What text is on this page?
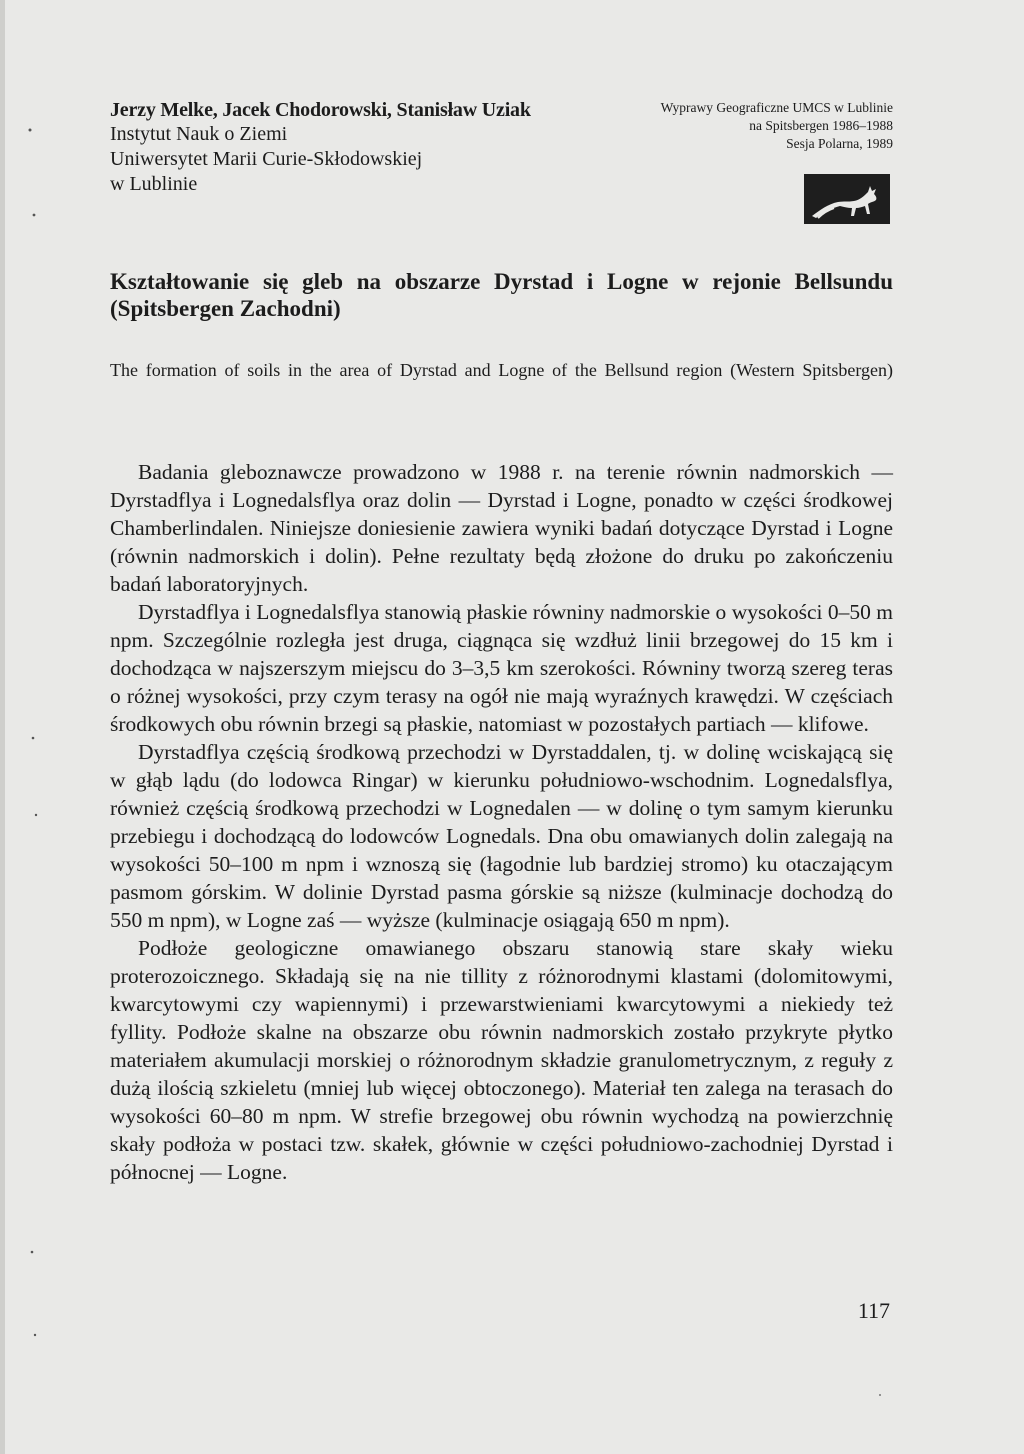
Jerzy Melke, Jacek Chodorowski, Stanisław Uziak
Instytut Nauk o Ziemi
Uniwersytet Marii Curie-Skłodowskiej
w Lublinie
Wyprawy Geograficzne UMCS w Lublinie
na Spitsbergen 1986–1988
Sesja Polarna, 1989
Kształtowanie się gleb na obszarze Dyrstad i Logne w rejonie Bellsundu (Spitsbergen Zachodni)
The formation of soils in the area of Dyrstad and Logne of the Bellsund region (Western Spitsbergen)

Badania gleboznawcze prowadzono w 1988 r. na terenie równin nadmorskich — Dyrstadflya i Lognedalsflya oraz dolin — Dyrstad i Logne, ponadto w części środkowej Chamberlindalen. Niniejsze doniesienie zawiera wyniki badań dotyczące Dyrstad i Logne (równin nadmorskich i dolin). Pełne rezultaty będą złożone do druku po zakończeniu badań laboratoryjnych.

Dyrstadflya i Lognedalsflya stanowią płaskie równiny nadmorskie o wysokości 0–50 m npm. Szczególnie rozległa jest druga, ciągnąca się wzdłuż linii brzegowej do 15 km i dochodząca w najszerszym miejscu do 3–3,5 km szerokości. Równiny tworzą szereg teras o różnej wysokości, przy czym terasy na ogół nie mają wyraźnych krawędzi. W częściach środkowych obu równin brzegi są płaskie, natomiast w pozostałych partiach — klifowe.

Dyrstadflya częścią środkową przechodzi w Dyrstaddalen, tj. w dolinę wciskającą się w głąb lądu (do lodowca Ringar) w kierunku południowo-wschodnim. Lognedalsflya, również częścią środkową przechodzi w Lognedalen — w dolinę o tym samym kierunku przebiegu i dochodzącą do lodowców Lognedals. Dna obu omawianych dolin zalegają na wysokości 50–100 m npm i wznoszą się (łagodnie lub bardziej stromo) ku otaczającym pasmom górskim. W dolinie Dyrstad pasma górskie są niższe (kulminacje dochodzą do 550 m npm), w Logne zaś — wyższe (kulminacje osiągają 650 m npm).

Podłoże geologiczne omawianego obszaru stanowią stare skały wieku proterozoicznego. Składają się na nie tillity z różnorodnymi klastami (dolomitowymi, kwarcytowymi czy wapiennymi) i przewarstwieniami kwarcytowymi a niekiedy też fyllity. Podłoże skalne na obszarze obu równin nadmorskich zostało przykryte płytko materiałem akumulacji morskiej o różnorodnym składzie granulometrycznym, z reguły z dużą ilością szkieletu (mniej lub więcej obtoczonego). Materiał ten zalega na terasach do wysokości 60–80 m npm. W strefie brzegowej obu równin wychodzą na powierzchnię skały podłoża w postaci tzw. skałek, głównie w części południowo-zachodniej Dyrstad i północnej — Logne.

117
